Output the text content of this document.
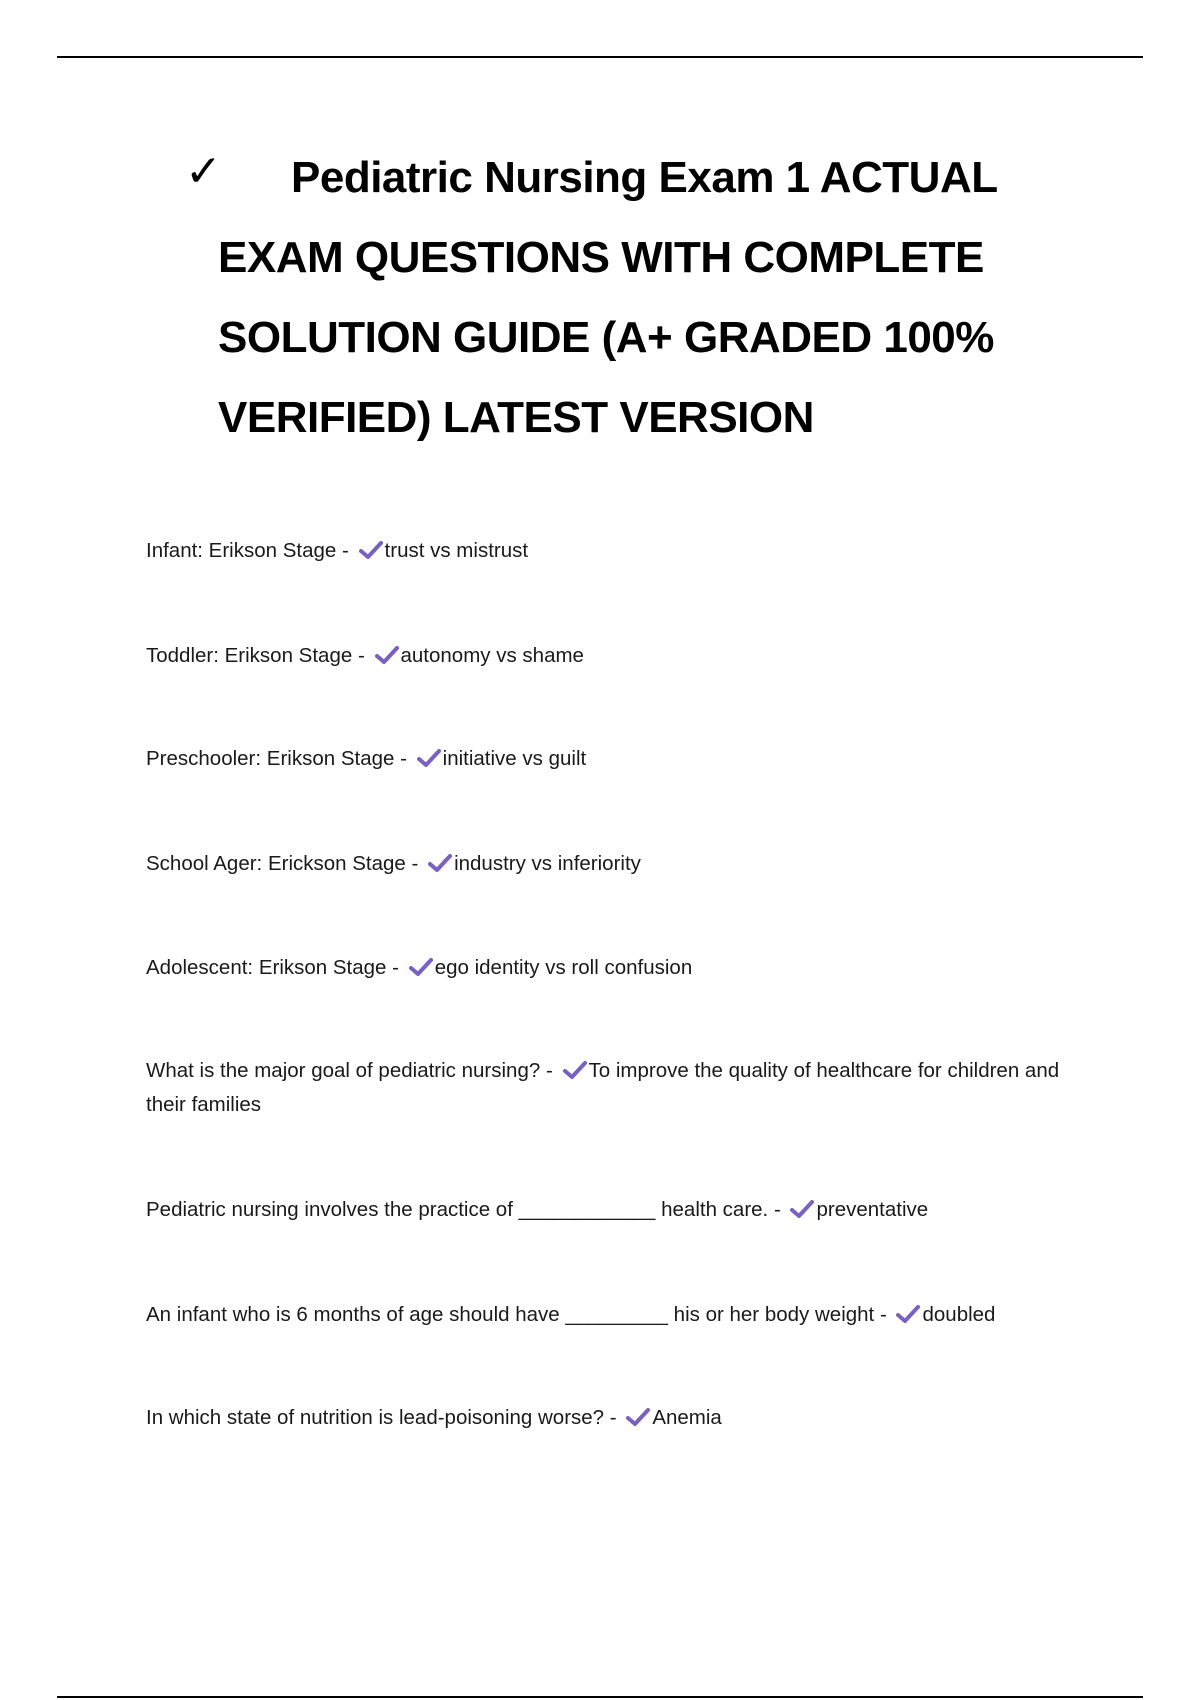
✓	Pediatric Nursing Exam 1 ACTUAL EXAM QUESTIONS WITH COMPLETE SOLUTION GUIDE (A+ GRADED 100% VERIFIED) LATEST VERSION

Infant: Erikson Stage - trust vs mistrust

Toddler: Erikson Stage - autonomy vs shame

Preschooler: Erikson Stage - initiative vs guilt

School Ager: Erickson Stage - industry vs inferiority

Adolescent: Erikson Stage - ego identity vs roll confusion

What is the major goal of pediatric nursing? - To improve the quality of healthcare for children and their families

Pediatric nursing involves the practice of ____________ health care. - preventative

An infant who is 6 months of age should have _________ his or her body weight - doubled

In which state of nutrition is lead-poisoning worse? - Anemia
